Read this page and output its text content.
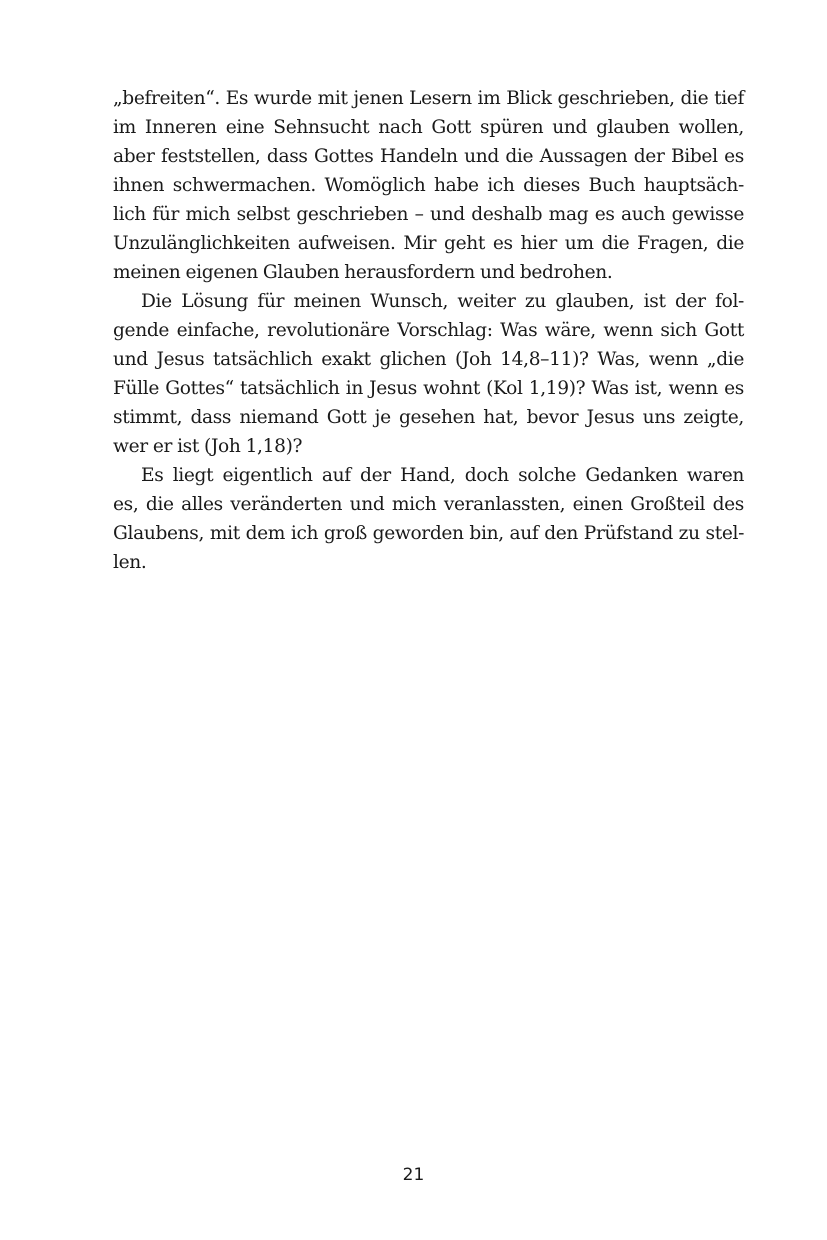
„befreiten“. Es wurde mit jenen Lesern im Blick geschrieben, die tief
im Inneren eine Sehnsucht nach Gott spüren und glauben wollen,
aber feststellen, dass Gottes Handeln und die Aussagen der Bibel es
ihnen schwermachen. Womöglich habe ich dieses Buch hauptsäch-
lich für mich selbst geschrieben – und deshalb mag es auch gewisse
Unzulänglichkeiten aufweisen. Mir geht es hier um die Fragen, die
meinen eigenen Glauben herausfordern und bedrohen.

Die Lösung für meinen Wunsch, weiter zu glauben, ist der fol-
gende einfache, revolutionäre Vorschlag: Was wäre, wenn sich Gott
und Jesus tatsächlich exakt glichen (Joh 14,8–11)? Was, wenn „die
Fülle Gottes“ tatsächlich in Jesus wohnt (Kol 1,19)? Was ist, wenn es
stimmt, dass niemand Gott je gesehen hat, bevor Jesus uns zeigte,
wer er ist (Joh 1,18)?

Es liegt eigentlich auf der Hand, doch solche Gedanken waren
es, die alles veränderten und mich veranlassten, einen Großteil des
Glaubens, mit dem ich groß geworden bin, auf den Prüfstand zu stel-
len.

21
